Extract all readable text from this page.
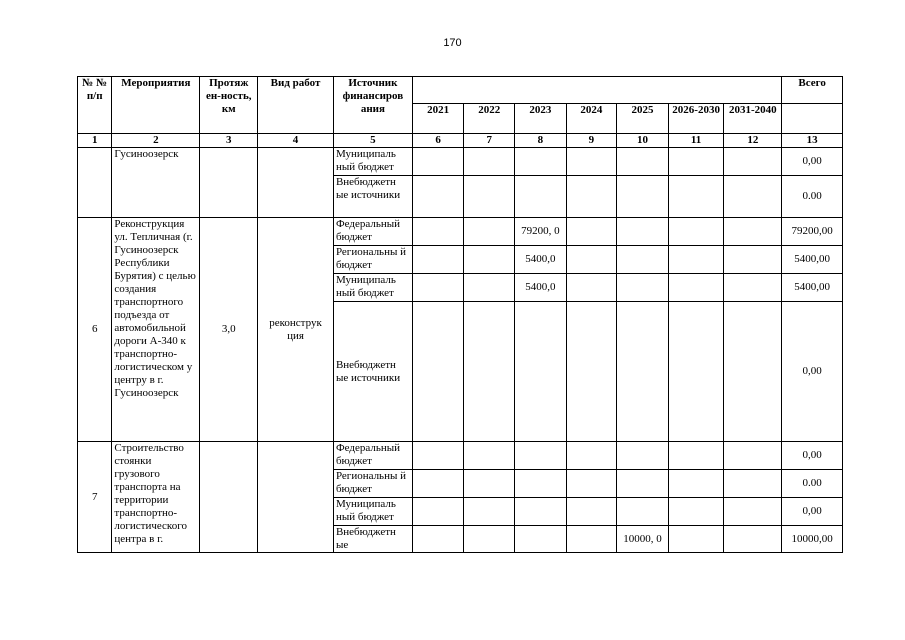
170
№ № п/п	Мероприятия	Протяж ен-ность, км	Вид работ	Источник финансиров ания								Всего
					2021	2022	2023	2024	2025	2026-2030	2031-2040	
1	2	3	4	5	6	7	8	9	10	11	12	13
	Гусиноозерск			Муниципаль ный бюджет								0,00
				Внебюджетн ые источники								0.00
6	Реконструкция ул. Тепличная (г. Гусиноозерск Республики Бурятия) с целью создания транспортного подъезда от автомобильной дороги А-340 к транспортно-логистическом у центру в г. Гусиноозерск	3,0	реконструк ция	Федеральный бюджет			79200, 0					79200,00
				Региональны й бюджет			5400,0					5400,00
				Муниципаль ный бюджет			5400,0					5400,00
				Внебюджетн ые источники								0,00
7	Строительство стоянки грузового транспорта на территории транспортно-логистического центра в г.			Федеральный бюджет								0,00
				Региональны й бюджет								0.00
				Муниципаль ный бюджет								0,00
				Внебюджетн ые					10000, 0			10000,00
